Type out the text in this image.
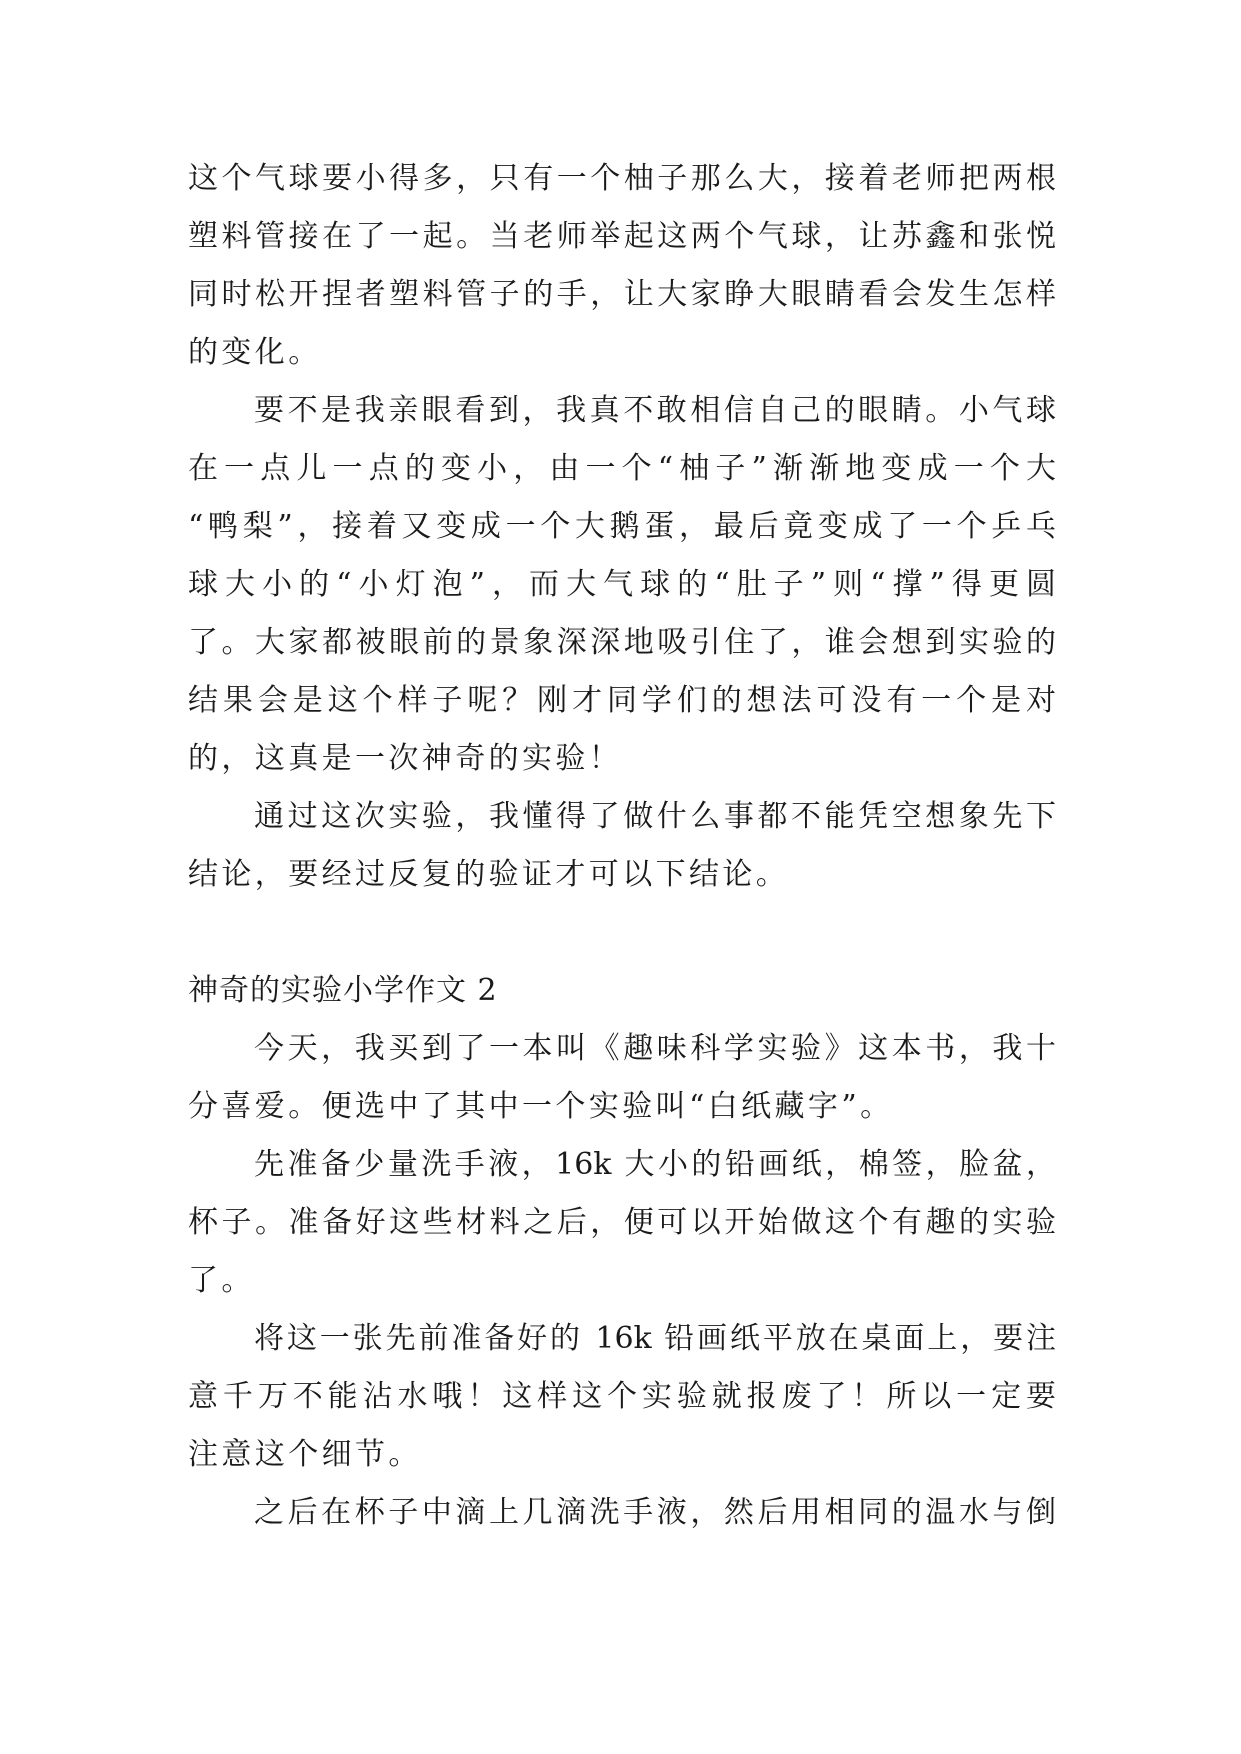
这个气球要小得多，只有一个柚子那么大，接着老师把两根
塑料管接在了一起。当老师举起这两个气球，让苏鑫和张悦
同时松开捏者塑料管子的手，让大家睁大眼睛看会发生怎样
的变化。
要不是我亲眼看到，我真不敢相信自己的眼睛。小气球
在一点儿一点的变小，由一个“柚子”渐渐地变成一个大
“鸭梨”，接着又变成一个大鹅蛋，最后竟变成了一个乒乓
球大小的“小灯泡”，而大气球的“肚子”则“撑”得更圆
了。大家都被眼前的景象深深地吸引住了，谁会想到实验的
结果会是这个样子呢？刚才同学们的想法可没有一个是对
的，这真是一次神奇的实验！
通过这次实验，我懂得了做什么事都不能凭空想象先下
结论，要经过反复的验证才可以下结论。
神奇的实验小学作文 2
今天，我买到了一本叫《趣味科学实验》这本书，我十
分喜爱。便选中了其中一个实验叫“白纸藏字”。
先准备少量洗手液，16k 大小的铅画纸，棉签，脸盆，
杯子。准备好这些材料之后，便可以开始做这个有趣的实验
了。
将这一张先前准备好的 16k 铅画纸平放在桌面上，要注
意千万不能沾水哦！这样这个实验就报废了！所以一定要
注意这个细节。
之后在杯子中滴上几滴洗手液，然后用相同的温水与倒
